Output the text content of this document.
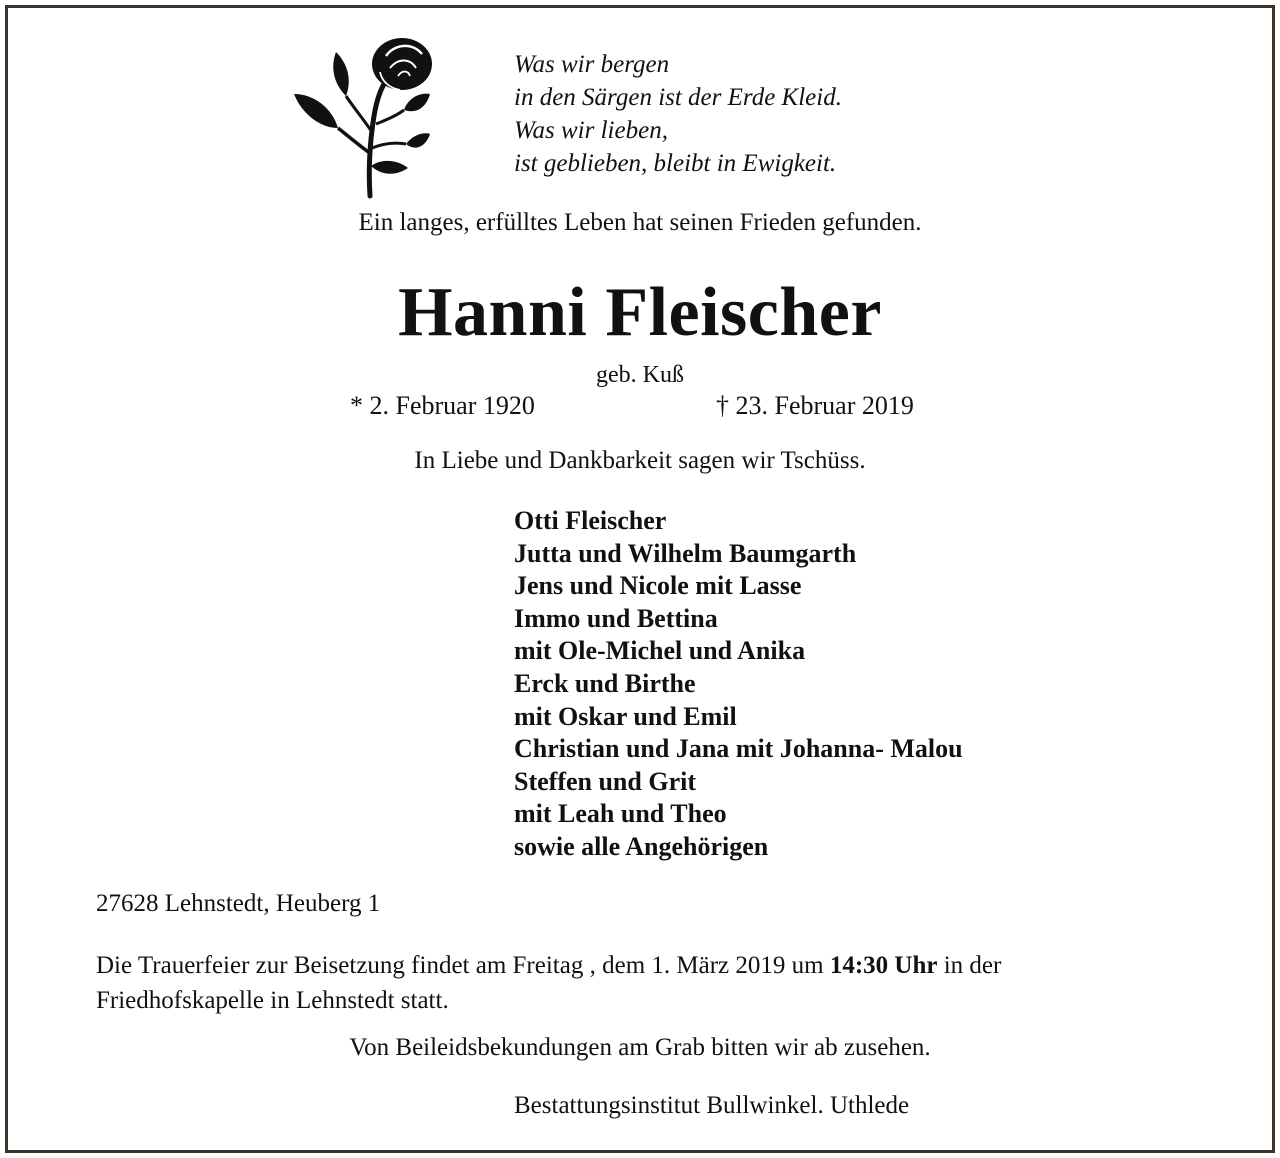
Was wir bergen
in den Särgen ist der Erde Kleid.
Was wir lieben,
ist geblieben, bleibt in Ewigkeit.
Ein langes, erfülltes Leben hat seinen Frieden gefunden.
Hanni Fleischer
geb. Kuß
* 2. Februar 1920	† 23. Februar 2019
In Liebe und Dankbarkeit sagen wir Tschüss.
Otti Fleischer
Jutta und Wilhelm Baumgarth
Jens und Nicole mit Lasse
Immo und Bettina
mit Ole-Michel und Anika
Erck und Birthe
mit Oskar und Emil
Christian und Jana mit Johanna- Malou
Steffen und Grit
mit Leah und Theo
sowie alle Angehörigen
27628 Lehnstedt, Heuberg 1
Die Trauerfeier zur Beisetzung findet am Freitag , dem 1. März 2019 um 14:30 Uhr in der
Friedhofskapelle in Lehnstedt statt.
Von Beileidsbekundungen am Grab bitten wir ab zusehen.
Bestattungsinstitut Bullwinkel. Uthlede
